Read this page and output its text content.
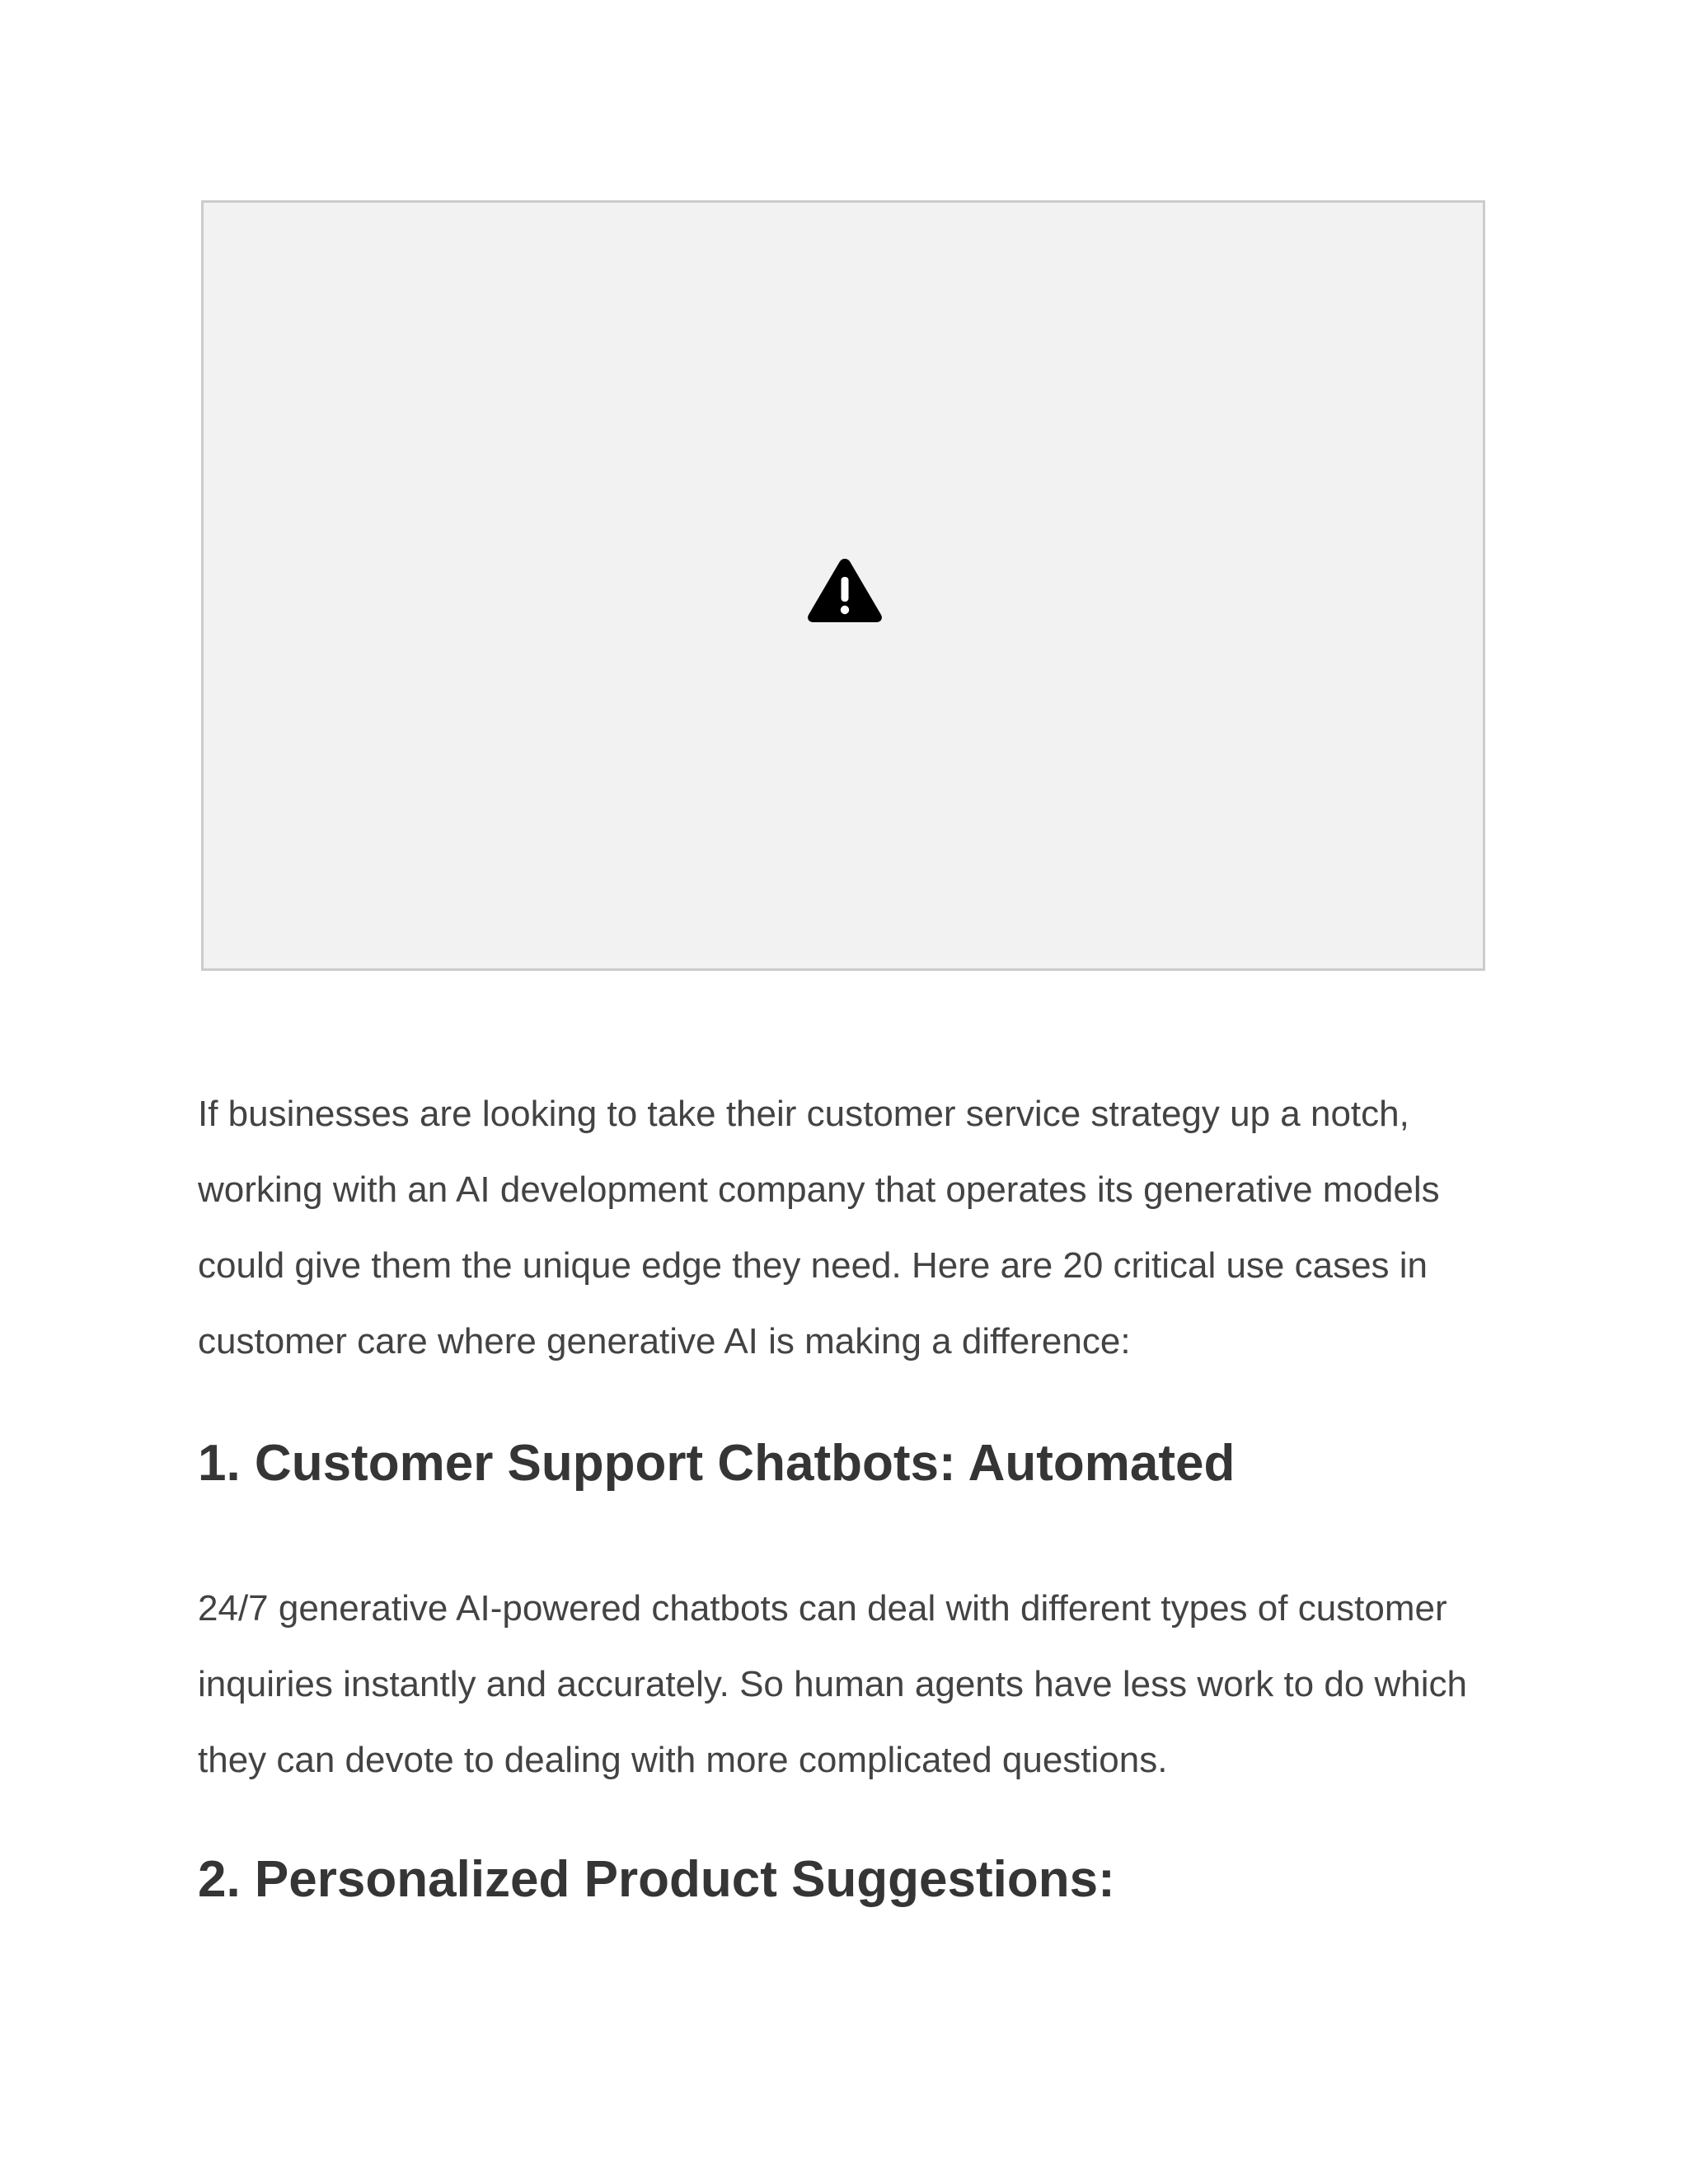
If businesses are looking to take their customer service strategy up a notch, working with an AI development company that operates its generative models could give them the unique edge they need. Here are 20 critical use cases in customer care where generative AI is making a difference:

1. Customer Support Chatbots: Automated

24/7 generative AI-powered chatbots can deal with different types of customer inquiries instantly and accurately. So human agents have less work to do which they can devote to dealing with more complicated questions.

2. Personalized Product Suggestions:
